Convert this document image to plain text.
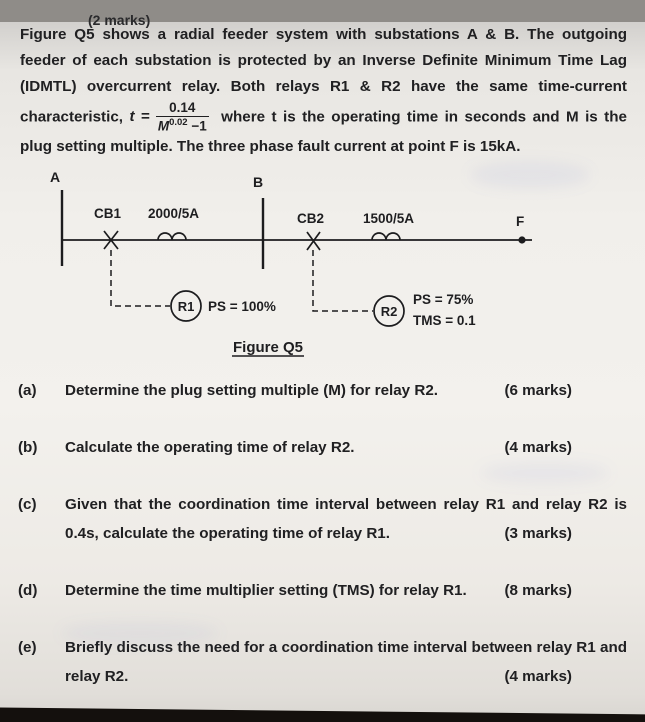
(2 marks)

Figure Q5 shows a radial feeder system with substations A & B. The outgoing feeder of each substation is protected by an Inverse Definite Minimum Time Lag (IDMTL) overcurrent relay. Both relays R1 & R2 have the same time-current characteristic, $t = \frac{0.14}{M^{0.02} -1}$ where t is the operating time in seconds and M is the plug setting multiple. The three phase fault current at point F is 15kA.

A	B
CB1 2000/5A	CB2	1500/5A	F
R1 PS = 100%	R2
PS = 75%
TMS = 0.1
Figure Q5
(a)	Determine the plug setting multiple (M) for relay R2.	(6 marks)
(b)	Calculate the operating time of relay R2.	(4 marks)
(c)	Given that the coordination time interval between relay R1 and relay R2 is 0.4s, calculate the operating time of relay R1.	(3 marks)
(d)	Determine the time multiplier setting (TMS) for relay R1. (8 marks)
(e)	Briefly discuss the need for a coordination time interval between relay R1 and relay R2.	(4 marks)
